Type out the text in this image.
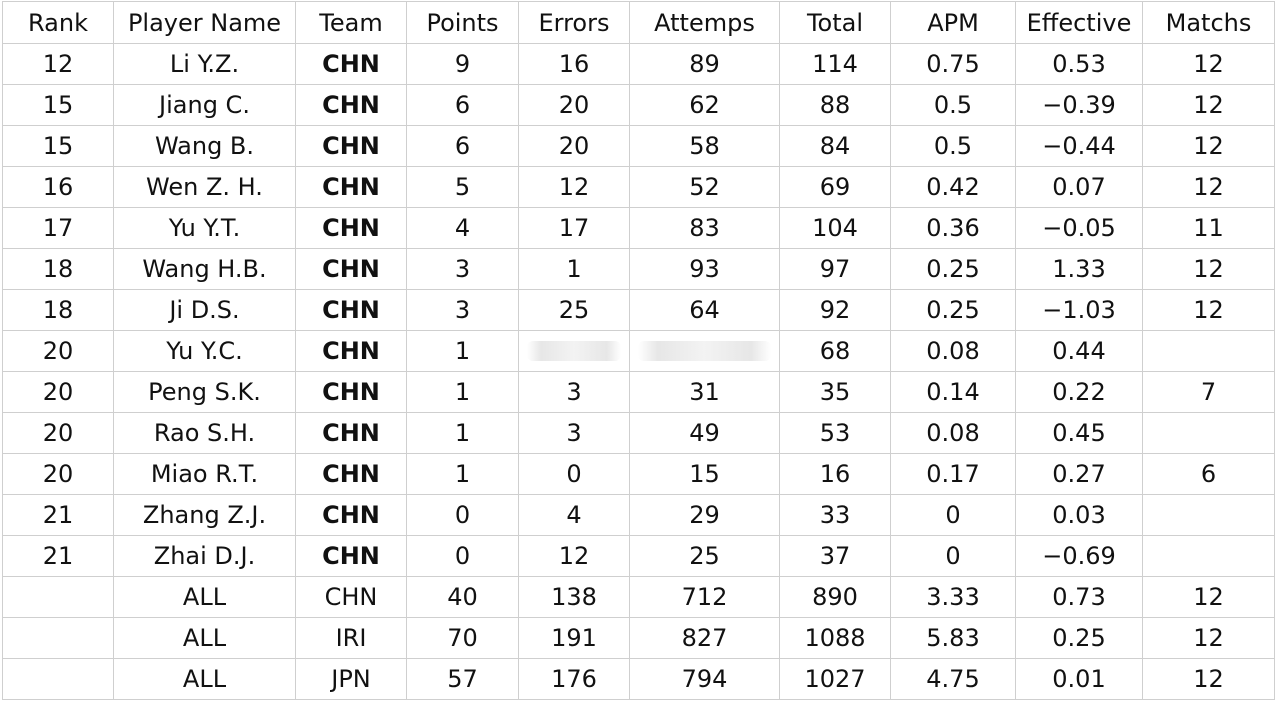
Rank	Player Name	Team	Points	Errors	Attemps	Total	APM	Effective	Matchs
12	Li Y.Z.	CHN	9	16	89	114	0.75	0.53	12
15	Jiang C.	CHN	6	20	62	88	0.5	−0.39	12
15	Wang B.	CHN	6	20	58	84	0.5	−0.44	12
16	Wen Z. H.	CHN	5	12	52	69	0.42	0.07	12
17	Yu Y.T.	CHN	4	17	83	104	0.36	−0.05	11
18	Wang H.B.	CHN	3	1	93	97	0.25	1.33	12
18	Ji D.S.	CHN	3	25	64	92	0.25	−1.03	12
20	Yu Y.C.	CHN	1			68	0.08	0.44	
20	Peng S.K.	CHN	1	3	31	35	0.14	0.22	7
20	Rao S.H.	CHN	1	3	49	53	0.08	0.45	
20	Miao R.T.	CHN	1	0	15	16	0.17	0.27	6
21	Zhang Z.J.	CHN	0	4	29	33	0	0.03	
21	Zhai D.J.	CHN	0	12	25	37	0	−0.69	
	ALL	CHN	40	138	712	890	3.33	0.73	12
	ALL	IRI	70	191	827	1088	5.83	0.25	12
	ALL	JPN	57	176	794	1027	4.75	0.01	12
